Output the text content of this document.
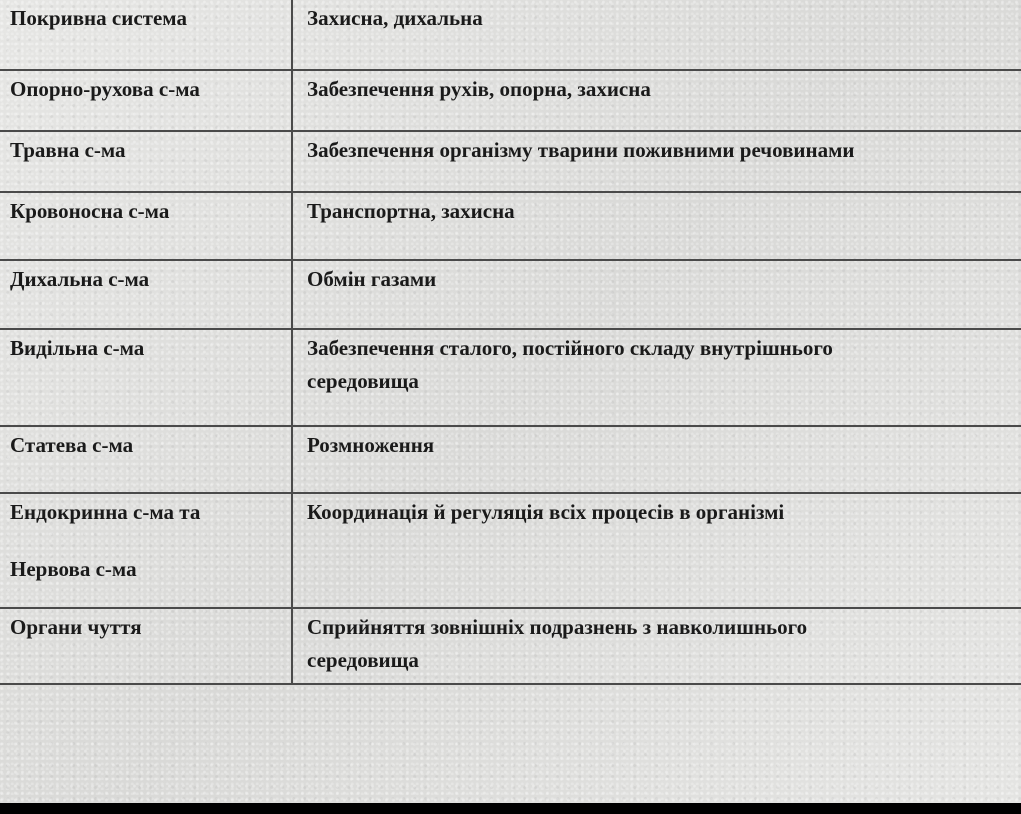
Покривна система	Захисна, дихальна
Опорно-рухова с-ма	Забезпечення рухів, опорна, захисна
Травна с-ма	Забезпечення організму тварини поживними речовинами
Кровоносна с-ма	Транспортна, захисна
Дихальна с-ма	Обмін газами
Видільна с-ма	Забезпечення сталого, постійного складу внутрішнього
середовища

Статева с-ма	Розмноження

Ендокринна с-ма та
Нервова с-ма	Координація й регуляція всіх процесів в організмі
Органи чуття	Сприйняття зовнішніх подразнень з навколишнього
середовища
